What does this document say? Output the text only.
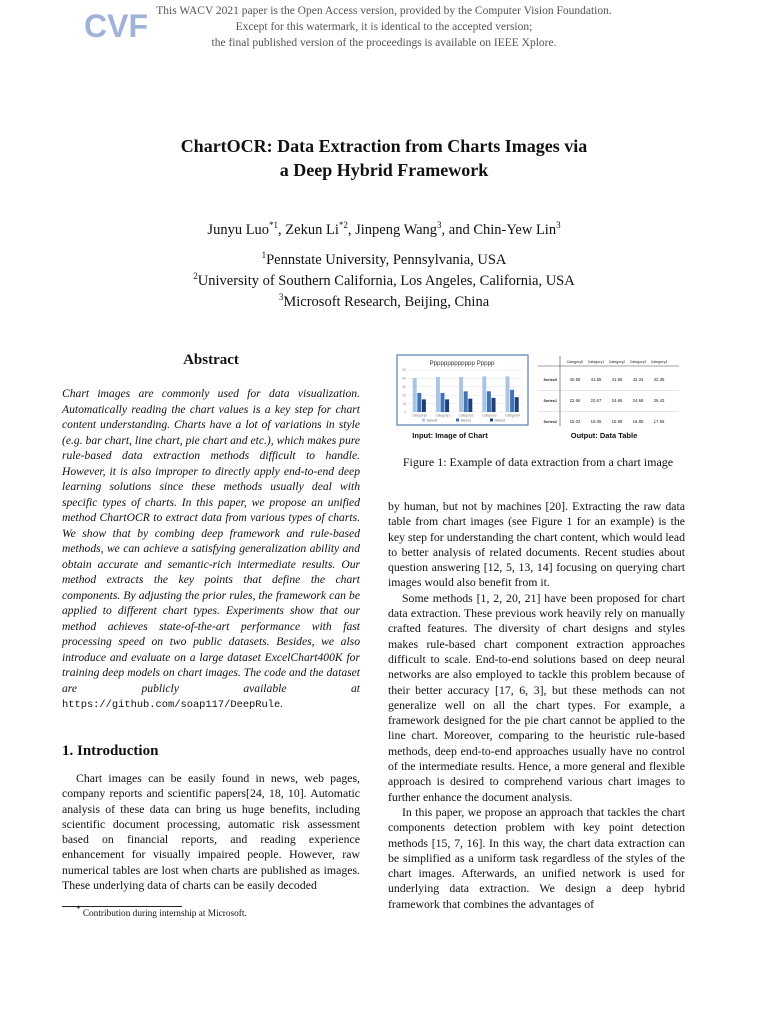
CVF This WACV 2021 paper is the Open Access version, provided by the Computer Vision Foundation.
Except for this watermark, it is identical to the accepted version;
the final published version of the proceedings is available on IEEE Xplore.
ChartOCR: Data Extraction from Charts Images via
a Deep Hybrid Framework
Junyu Luo$^{*1}$, Zekun Li$^{*2}$, Jinpeng Wang$^3$, and Chin-Yew Lin$^3$
$^1$Pennstate University, Pennsylvania, USA
$^2$University of Southern California, Los Angeles, California, USA
$^3$Microsoft Research, Beijing, China
Abstract
Chart images are commonly used for data visualization. Automatically reading the chart values is a key step for chart content understanding. Charts have a lot of variations in style (e.g. bar chart, line chart, pie chart and etc.), which makes pure rule-based data extraction methods difficult to handle. However, it is also improper to directly apply end-to-end deep learning solutions since these methods usually deal with specific types of charts. In this paper, we propose an unified method ChartOCR to extract data from various types of charts. We show that by combing deep framework and rule-based methods, we can achieve a satisfying generalization ability and obtain accurate and semantic-rich intermediate results. Our method extracts the key points that define the chart components. By adjusting the prior rules, the framework can be applied to different chart types. Experiments show that our method achieves state-of-the-art performance with fast processing speed on two public datasets. Besides, we also introduce and evaluate on a large dataset ExcelChart400K for training deep models on chart images. The code and the dataset are publicly available at https://github.com/soap117/DeepRule.
1. Introduction
Chart images can be easily found in news, web pages, company reports and scientific papers[24, 18, 10]. Automatic analysis of these data can bring us huge benefits, including scientific document processing, automatic risk assessment based on financial reports, and reading experience enhancement for visually impaired people. However, raw numerical tables are lost when charts are published as images. These underlying data of charts can be easily decoded
* Contribution during internship at Microsoft.
Ppppppppppppp Ppppp
0
10
20
30
40
50
Category0	Category1	Category2	Category3	Category4
Series0	Series1	Series2
Input: Image of Chart
Category0 Category1 Category2 Category3 Category4
Series0	40.58 41.55 41.56 42.34 42.35
Series1	22.66 22.67 24.66 24.68 26.43
Series2	15.02 15.05 15.88 16.85 17.66
Output: Data Table
Figure 1: Example of data extraction from a chart image

by human, but not by machines [20]. Extracting the raw data table from chart images (see Figure 1 for an example) is the key step for understanding the chart content, which would lead to better analysis of related documents. Recent studies about question answering [12, 5, 13, 14] focusing on querying chart images would also benefit from it.

Some methods [1, 2, 20, 21] have been proposed for chart data extraction. These previous work heavily rely on manually crafted features. The diversity of chart designs and styles makes rule-based chart component extraction approaches difficult to scale. End-to-end solutions based on deep neural networks are also employed to tackle this problem because of their better accuracy [17, 6, 3], but these methods can not generalize well on all the chart types. For example, a framework designed for the pie chart cannot be applied to the line chart. Moreover, comparing to the heuristic rule-based methods, deep end-to-end approaches usually have no control of the intermediate results. Hence, a more general and flexible approach is desired to comprehend various chart images to further enhance the document analysis.

In this paper, we propose an approach that tackles the chart components detection problem with key point detection methods [15, 7, 16]. In this way, the chart data extraction can be simplified as a uniform task regardless of the styles of the chart images. Afterwards, an unified network is used for underlying data extraction. We design a deep hybrid framework that combines the advantages of
